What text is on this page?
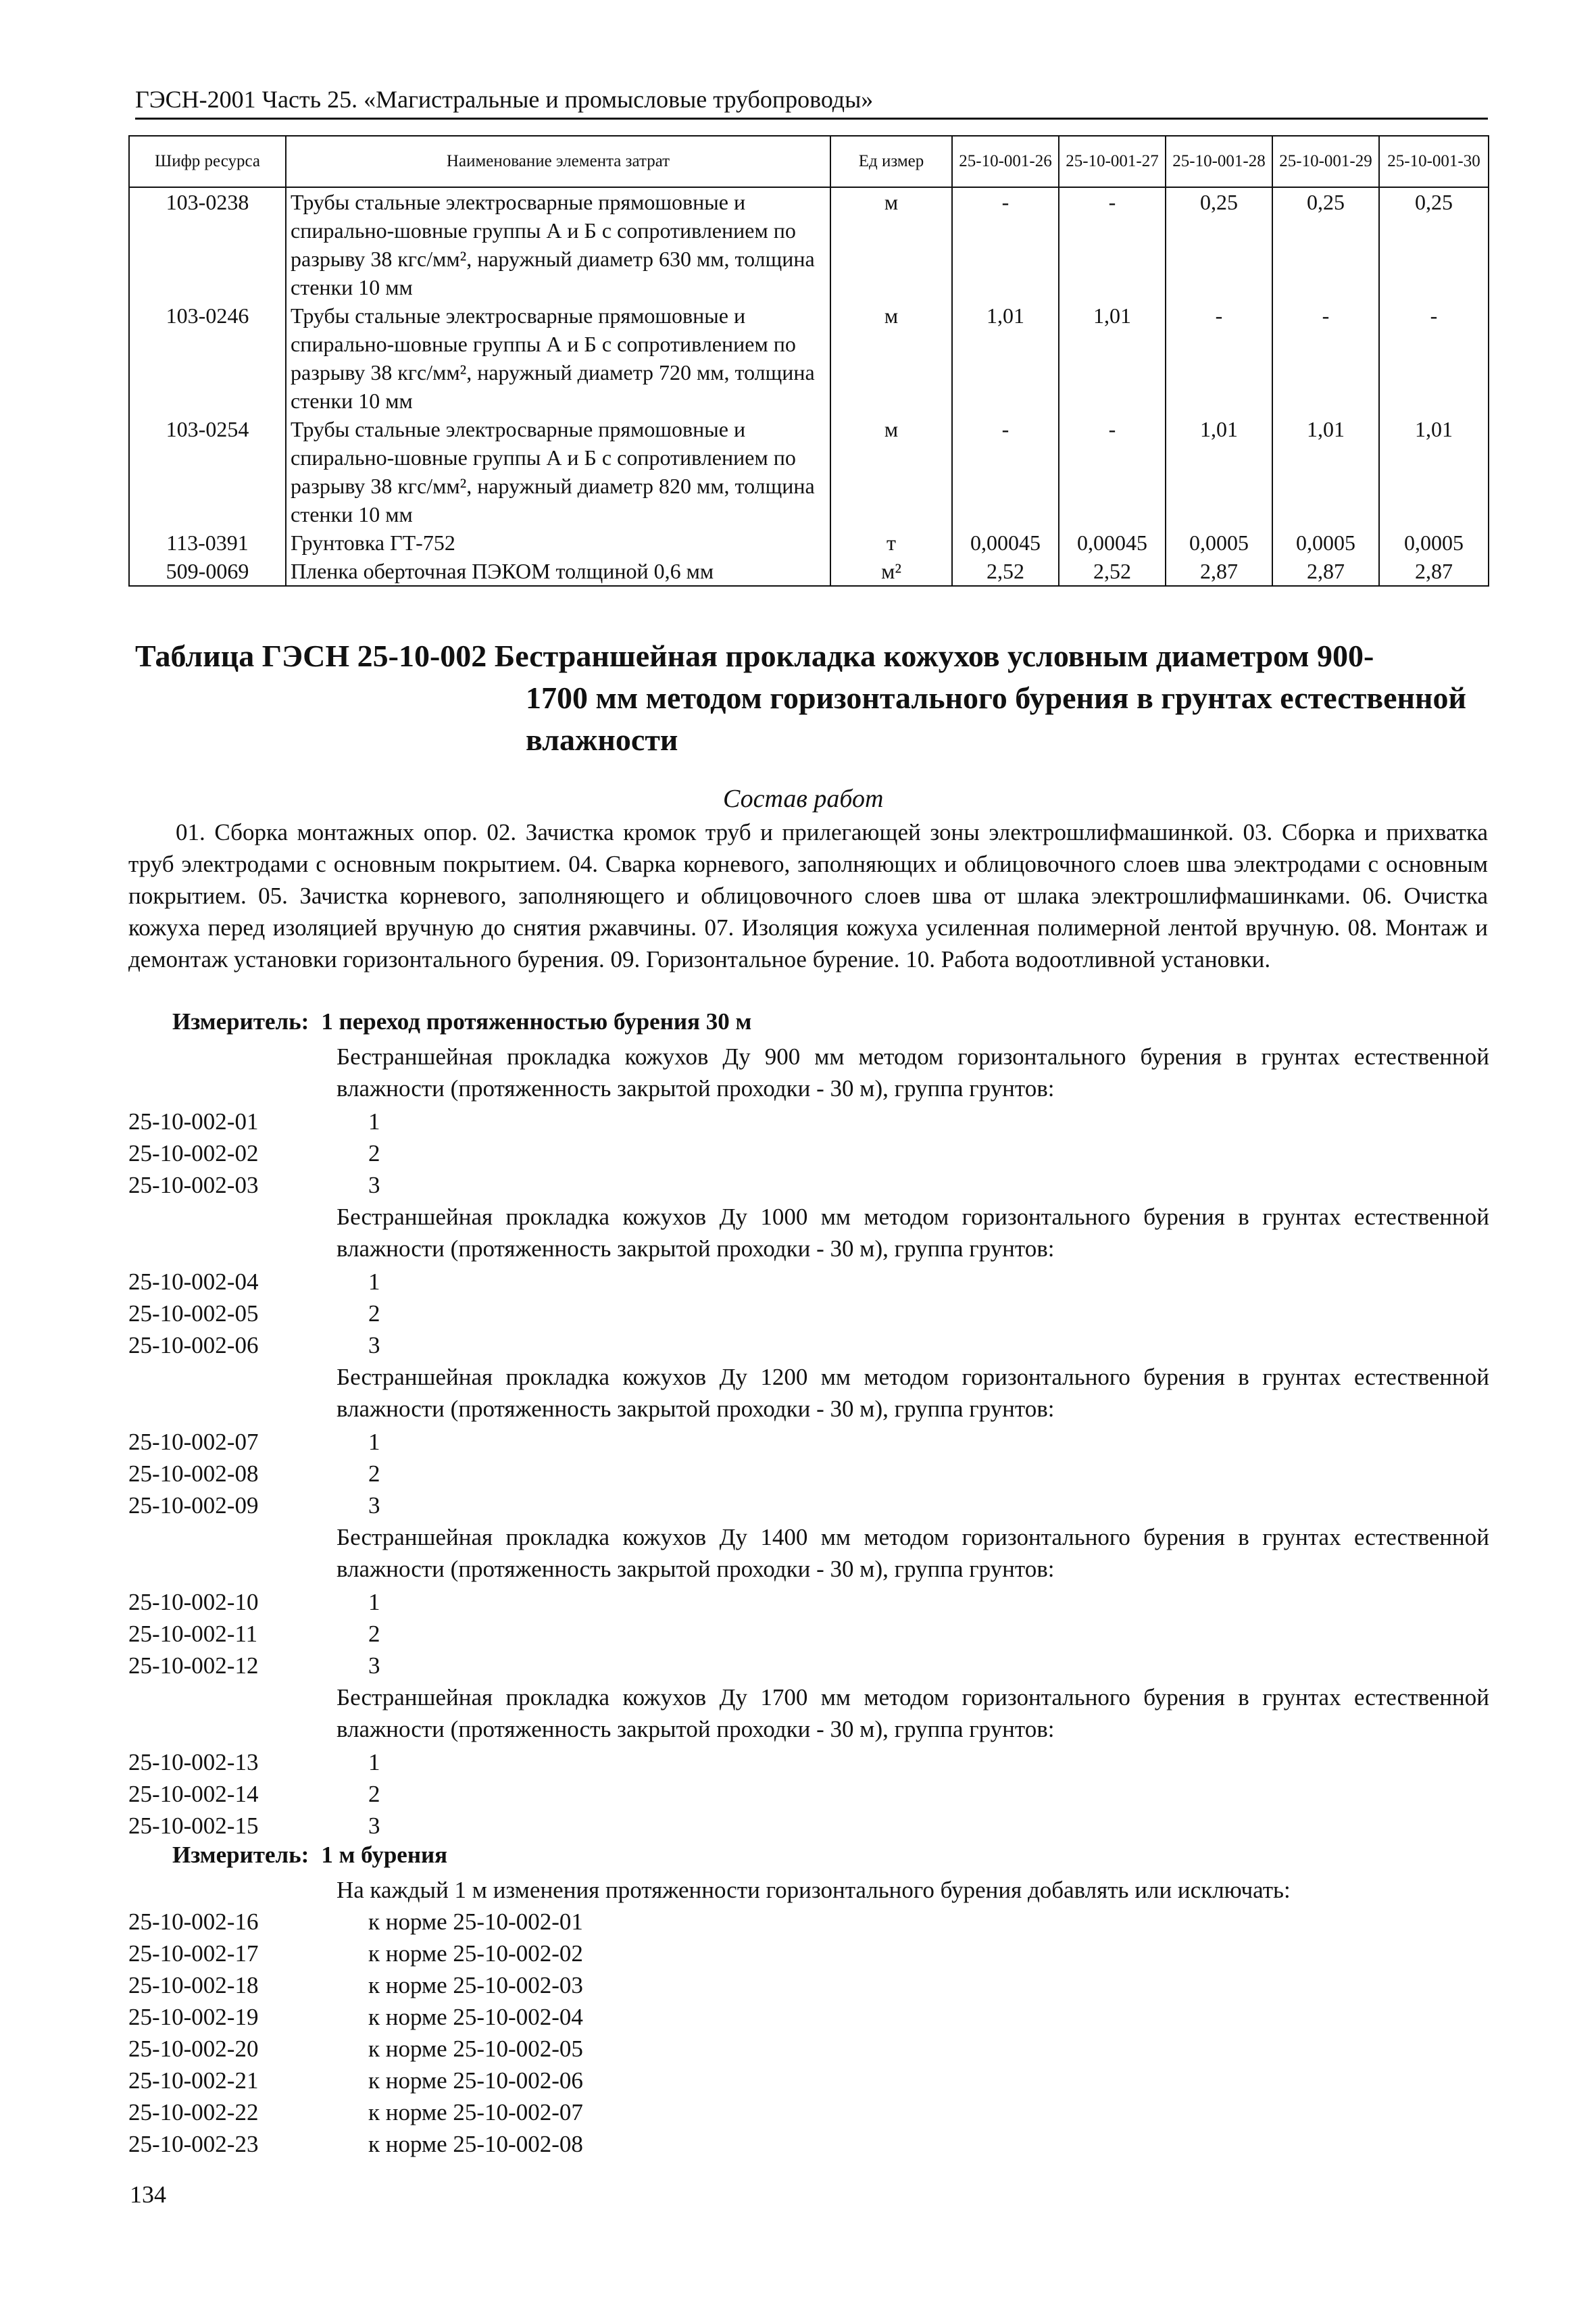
ГЭСН-2001 Часть 25. «Магистральные и промысловые трубопроводы»
Шифр ресурса	Наименование элемента затрат	Ед измер	25-10-001-26	25-10-001-27	25-10-001-28	25-10-001-29	25-10-001-30
103-0238	Трубы стальные электросварные прямошовные и спирально-шовные группы А и Б с сопротивлением по разрыву 38 кгс/мм², наружный диаметр 630 мм, толщина стенки 10 мм	м	-	-	0,25	0,25	0,25
103-0246	Трубы стальные электросварные прямошовные и спирально-шовные группы А и Б с сопротивлением по разрыву 38 кгс/мм², наружный диаметр 720 мм, толщина стенки 10 мм	м	1,01	1,01	-	-	-
103-0254	Трубы стальные электросварные прямошовные и спирально-шовные группы А и Б с сопротивлением по разрыву 38 кгс/мм², наружный диаметр 820 мм, толщина стенки 10 мм	м	-	-	1,01	1,01	1,01
113-0391	Грунтовка ГТ-752	т	0,00045	0,00045	0,0005	0,0005	0,0005
509-0069	Пленка оберточная ПЭКОМ толщиной 0,6 мм	м²	2,52	2,52	2,87	2,87	2,87
Таблица ГЭСН 25-10-002 Бестраншейная прокладка кожухов условным диаметром 900-
1700 мм методом горизонтального бурения в грунтах естественной влажности
Состав работ
01. Сборка монтажных опор. 02. Зачистка кромок труб и прилегающей зоны электрошлифмашинкой. 03. Сборка и прихватка труб электродами с основным покрытием. 04. Сварка корневого, заполняющих и облицовочного слоев шва электродами с основным покрытием. 05. Зачистка корневого, заполняющего и облицовочного слоев шва от шлака электрошлифмашинками. 06. Очистка кожуха перед изоляцией вручную до снятия ржавчины. 07. Изоляция кожуха усиленная полимерной лентой вручную. 08. Монтаж и демонтаж установки горизонтального бурения. 09. Горизонтальное бурение. 10. Работа водоотливной установки.
Измеритель: 1 переход протяженностью бурения 30 м
Бестраншейная прокладка кожухов Ду 900 мм методом горизонтального бурения в грунтах естественной влажности (протяженность закрытой проходки - 30 м), группа грунтов:
25-10-002-01	1
25-10-002-02	2
25-10-002-03	3
Бестраншейная прокладка кожухов Ду 1000 мм методом горизонтального бурения в грунтах естественной влажности (протяженность закрытой проходки - 30 м), группа грунтов:
25-10-002-04	1
25-10-002-05	2
25-10-002-06	3
Бестраншейная прокладка кожухов Ду 1200 мм методом горизонтального бурения в грунтах естественной влажности (протяженность закрытой проходки - 30 м), группа грунтов:
25-10-002-07	1
25-10-002-08	2
25-10-002-09	3
Бестраншейная прокладка кожухов Ду 1400 мм методом горизонтального бурения в грунтах естественной влажности (протяженность закрытой проходки - 30 м), группа грунтов:
25-10-002-10	1
25-10-002-11	2
25-10-002-12	3
Бестраншейная прокладка кожухов Ду 1700 мм методом горизонтального бурения в грунтах естественной влажности (протяженность закрытой проходки - 30 м), группа грунтов:
25-10-002-13	1
25-10-002-14	2
25-10-002-15	3
Измеритель: 1 м бурения
На каждый 1 м изменения протяженности горизонтального бурения добавлять или исключать:
25-10-002-16	к норме 25-10-002-01
25-10-002-17	к норме 25-10-002-02
25-10-002-18	к норме 25-10-002-03
25-10-002-19	к норме 25-10-002-04
25-10-002-20	к норме 25-10-002-05
25-10-002-21	к норме 25-10-002-06
25-10-002-22	к норме 25-10-002-07
25-10-002-23	к норме 25-10-002-08
134
